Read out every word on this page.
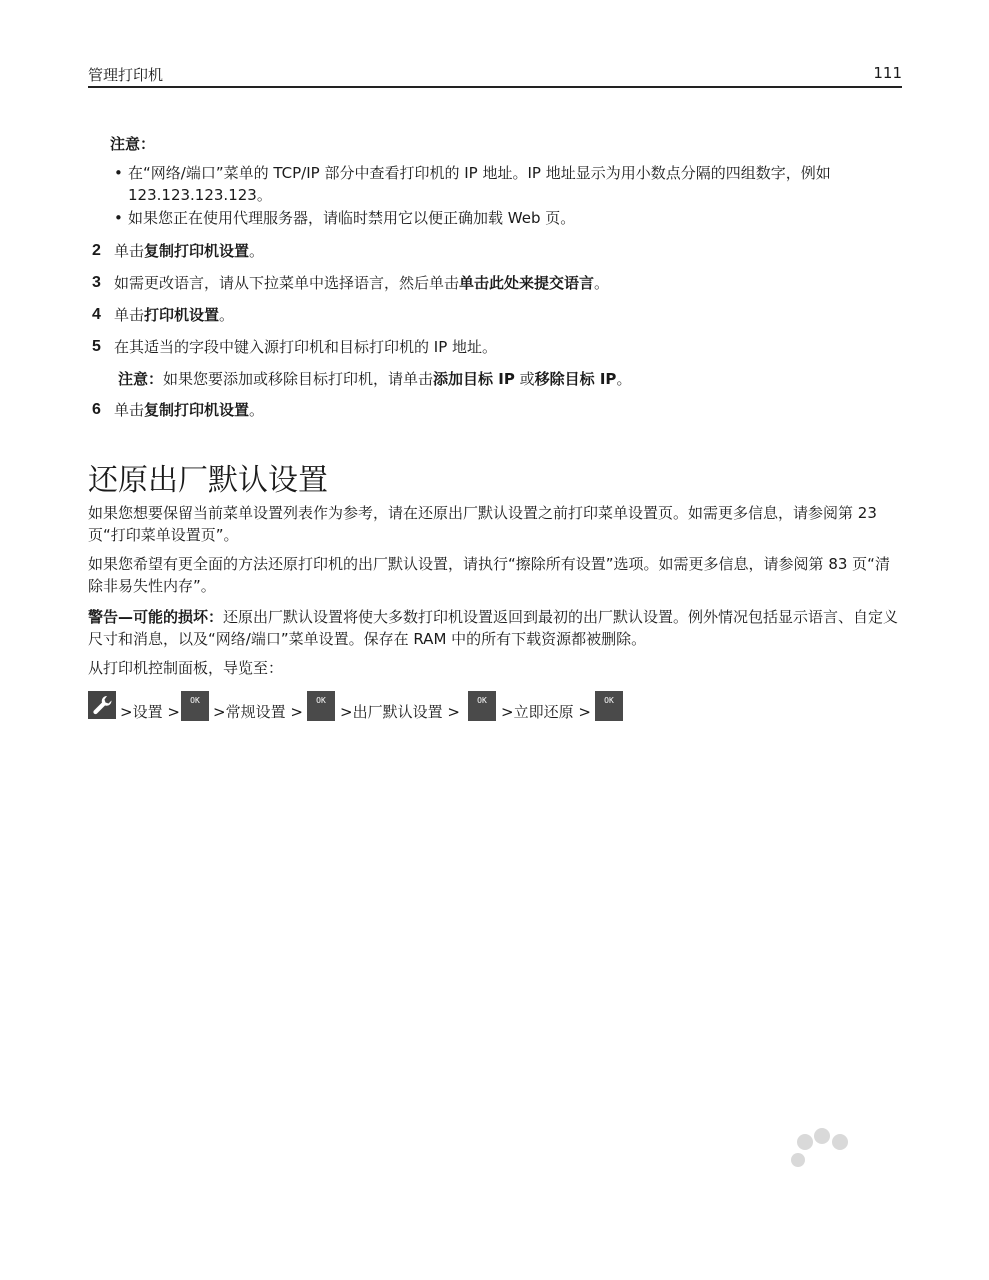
管理打印机	111
注意：
• 在“网络/端口”菜单的 TCP/IP 部分中查看打印机的 IP 地址。IP 地址显示为用小数点分隔的四组数字，例如 123.123.123.123。
• 如果您正在使用代理服务器，请临时禁用它以便正确加载 Web 页。
2 单击复制打印机设置。
3 如需更改语言，请从下拉菜单中选择语言，然后单击单击此处来提交语言。
4 单击打印机设置。
5 在其适当的字段中键入源打印机和目标打印机的 IP 地址。
注意：如果您要添加或移除目标打印机，请单击添加目标 IP 或移除目标 IP。
6 单击复制打印机设置。
还原出厂默认设置
如果您想要保留当前菜单设置列表作为参考，请在还原出厂默认设置之前打印菜单设置页。如需更多信息，请参阅第 23 页“打印菜单设置页”。
如果您希望有更全面的方法还原打印机的出厂默认设置，请执行“擦除所有设置”选项。如需更多信息，请参阅第 83 页“清除非易失性内存”。
警告—可能的损坏：还原出厂默认设置将使大多数打印机设置返回到最初的出厂默认设置。例外情况包括显示语言、自定义尺寸和消息，以及“网络/端口”菜单设置。保存在 RAM 中的所有下载资源都被删除。
从打印机控制面板，导览至：
>设置 >
OK
>常规设置 >
OK
>出厂默认设置 >
OK
>立即还原 >
OK
